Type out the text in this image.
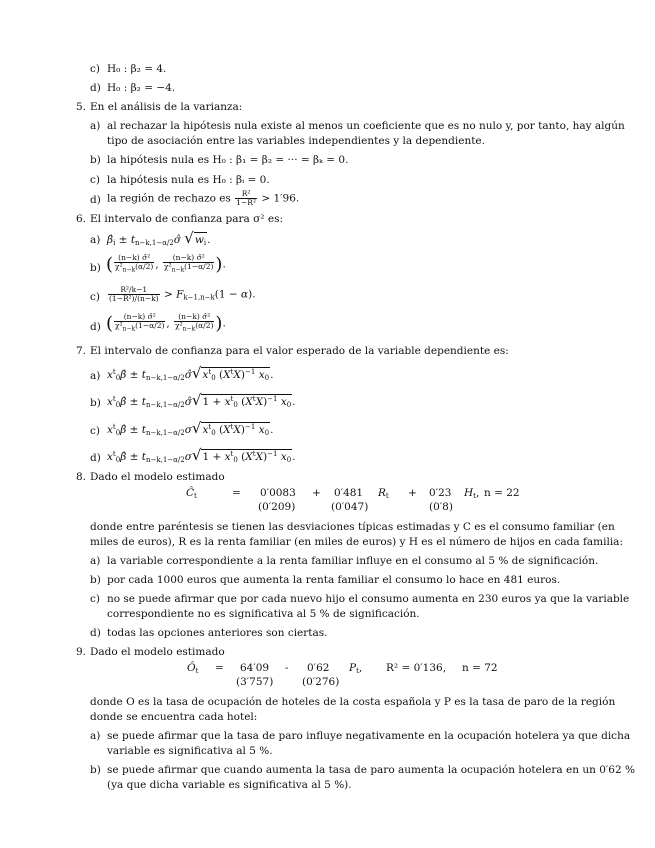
c) H₀ : β₂ = 4.
d) H₀ : β₂ = −4.
5. En el análisis de la varianza:
a) al rechazar la hipótesis nula existe al menos un coeficiente que es no nulo y, por tanto, hay algún
tipo de asociación entre las variables independientes y la dependiente.
b) la hipótesis nula es H₀ : β₁ = β₂ = ··· = βₖ = 0.
c) la hipótesis nula es H₀ : βᵢ = 0.
d) la región de rechazo es $\frac{\text{R²}}{\text{1−R²}} > 1'96$.
6. El intervalo de confianza para σ² es:
a) $\betâ_i$ ± $t_{n-k,1-\alpha/2}\sigmâ$ $√w_i$.
b) ( $\frac{\text{(n−k) σ̂²}}{\chi^2_{n-k}(\alpha/2)}$ , $\frac{\text{(n−k) σ̂²}}{\chi^2_{n-k}(1-\alpha/2)}$ ).
$c) \frac{\text{R²/k−1}}{\text{(1−R²)/(n−k)}} > F_{k-1,n-k}(1 - \alpha)$.
d) ( $\frac{\text{(n−k) σ̂²}}{\chi^2_{n-k}(1-\alpha/2)}$ , $\frac{\text{(n−k) σ̂²}}{\chi^2_{n-k}(\alpha/2)}$ ).
7. El intervalo de confianza para el valor esperado de la variable dependiente es:
a) $x^t_0\betâ$ ± $t_{n-k,1-\alpha/2}\sigmâ√x^t_0$ $(X^tX)^{-1}$ $x_0$.
b) $x^t_0\betâ$ ± $t_{n-k,1-\alpha/2}\sigmâ√1 + x^t_0$ $(X^tX)^{-1}$ $x_0$.
c) $x^t_0\betâ \pm t_{n-k,1-\alpha/2}\sigma√x^t_0$ $(X^tX)^{-1}$ $x_0$.
d) $x^t_0\betâ \pm t_{n-k,1-\alpha/2}\sigma√1 + x^t_0$ $(X^tX)^{-1}$ $x_0$.
8. Dado el modelo estimado
$Ĉ_t$	= 0′0083 + 0′481 $R_t + 0'23$ $H_t$, n = 22
(0′209)	(0′047)	(0′8)
donde entre paréntesis se tienen las desviaciones típicas estimadas y C es el consumo familiar (en
miles de euros), R es la renta familiar (en miles de euros) y H es el número de hijos en cada familia:
a) la variable correspondiente a la renta familiar influye en el consumo al 5 % de significación.
b) por cada 1000 euros que aumenta la renta familiar el consumo lo hace en 481 euros.
c) no se puede afirmar que por cada nuevo hijo el consumo aumenta en 230 euros ya que la variable
correspondiente no es significativa al 5 % de significación.
d) todas las opciones anteriores son ciertas.
9. Dado el modelo estimado
$Ô_t = 64'09 - 0'62$ $P_t$, R² = 0′136, n = 72
(3′757)	(0′276)
donde O es la tasa de ocupación de hoteles de la costa española y P es la tasa de paro de la región
donde se encuentra cada hotel:
a) se puede afirmar que la tasa de paro influye negativamente en la ocupación hotelera ya que dicha
variable es significativa al 5 %.
b) se puede afirmar que cuando aumenta la tasa de paro aumenta la ocupación hotelera en un 0′62 %
(ya que dicha variable es significativa al 5 %).
